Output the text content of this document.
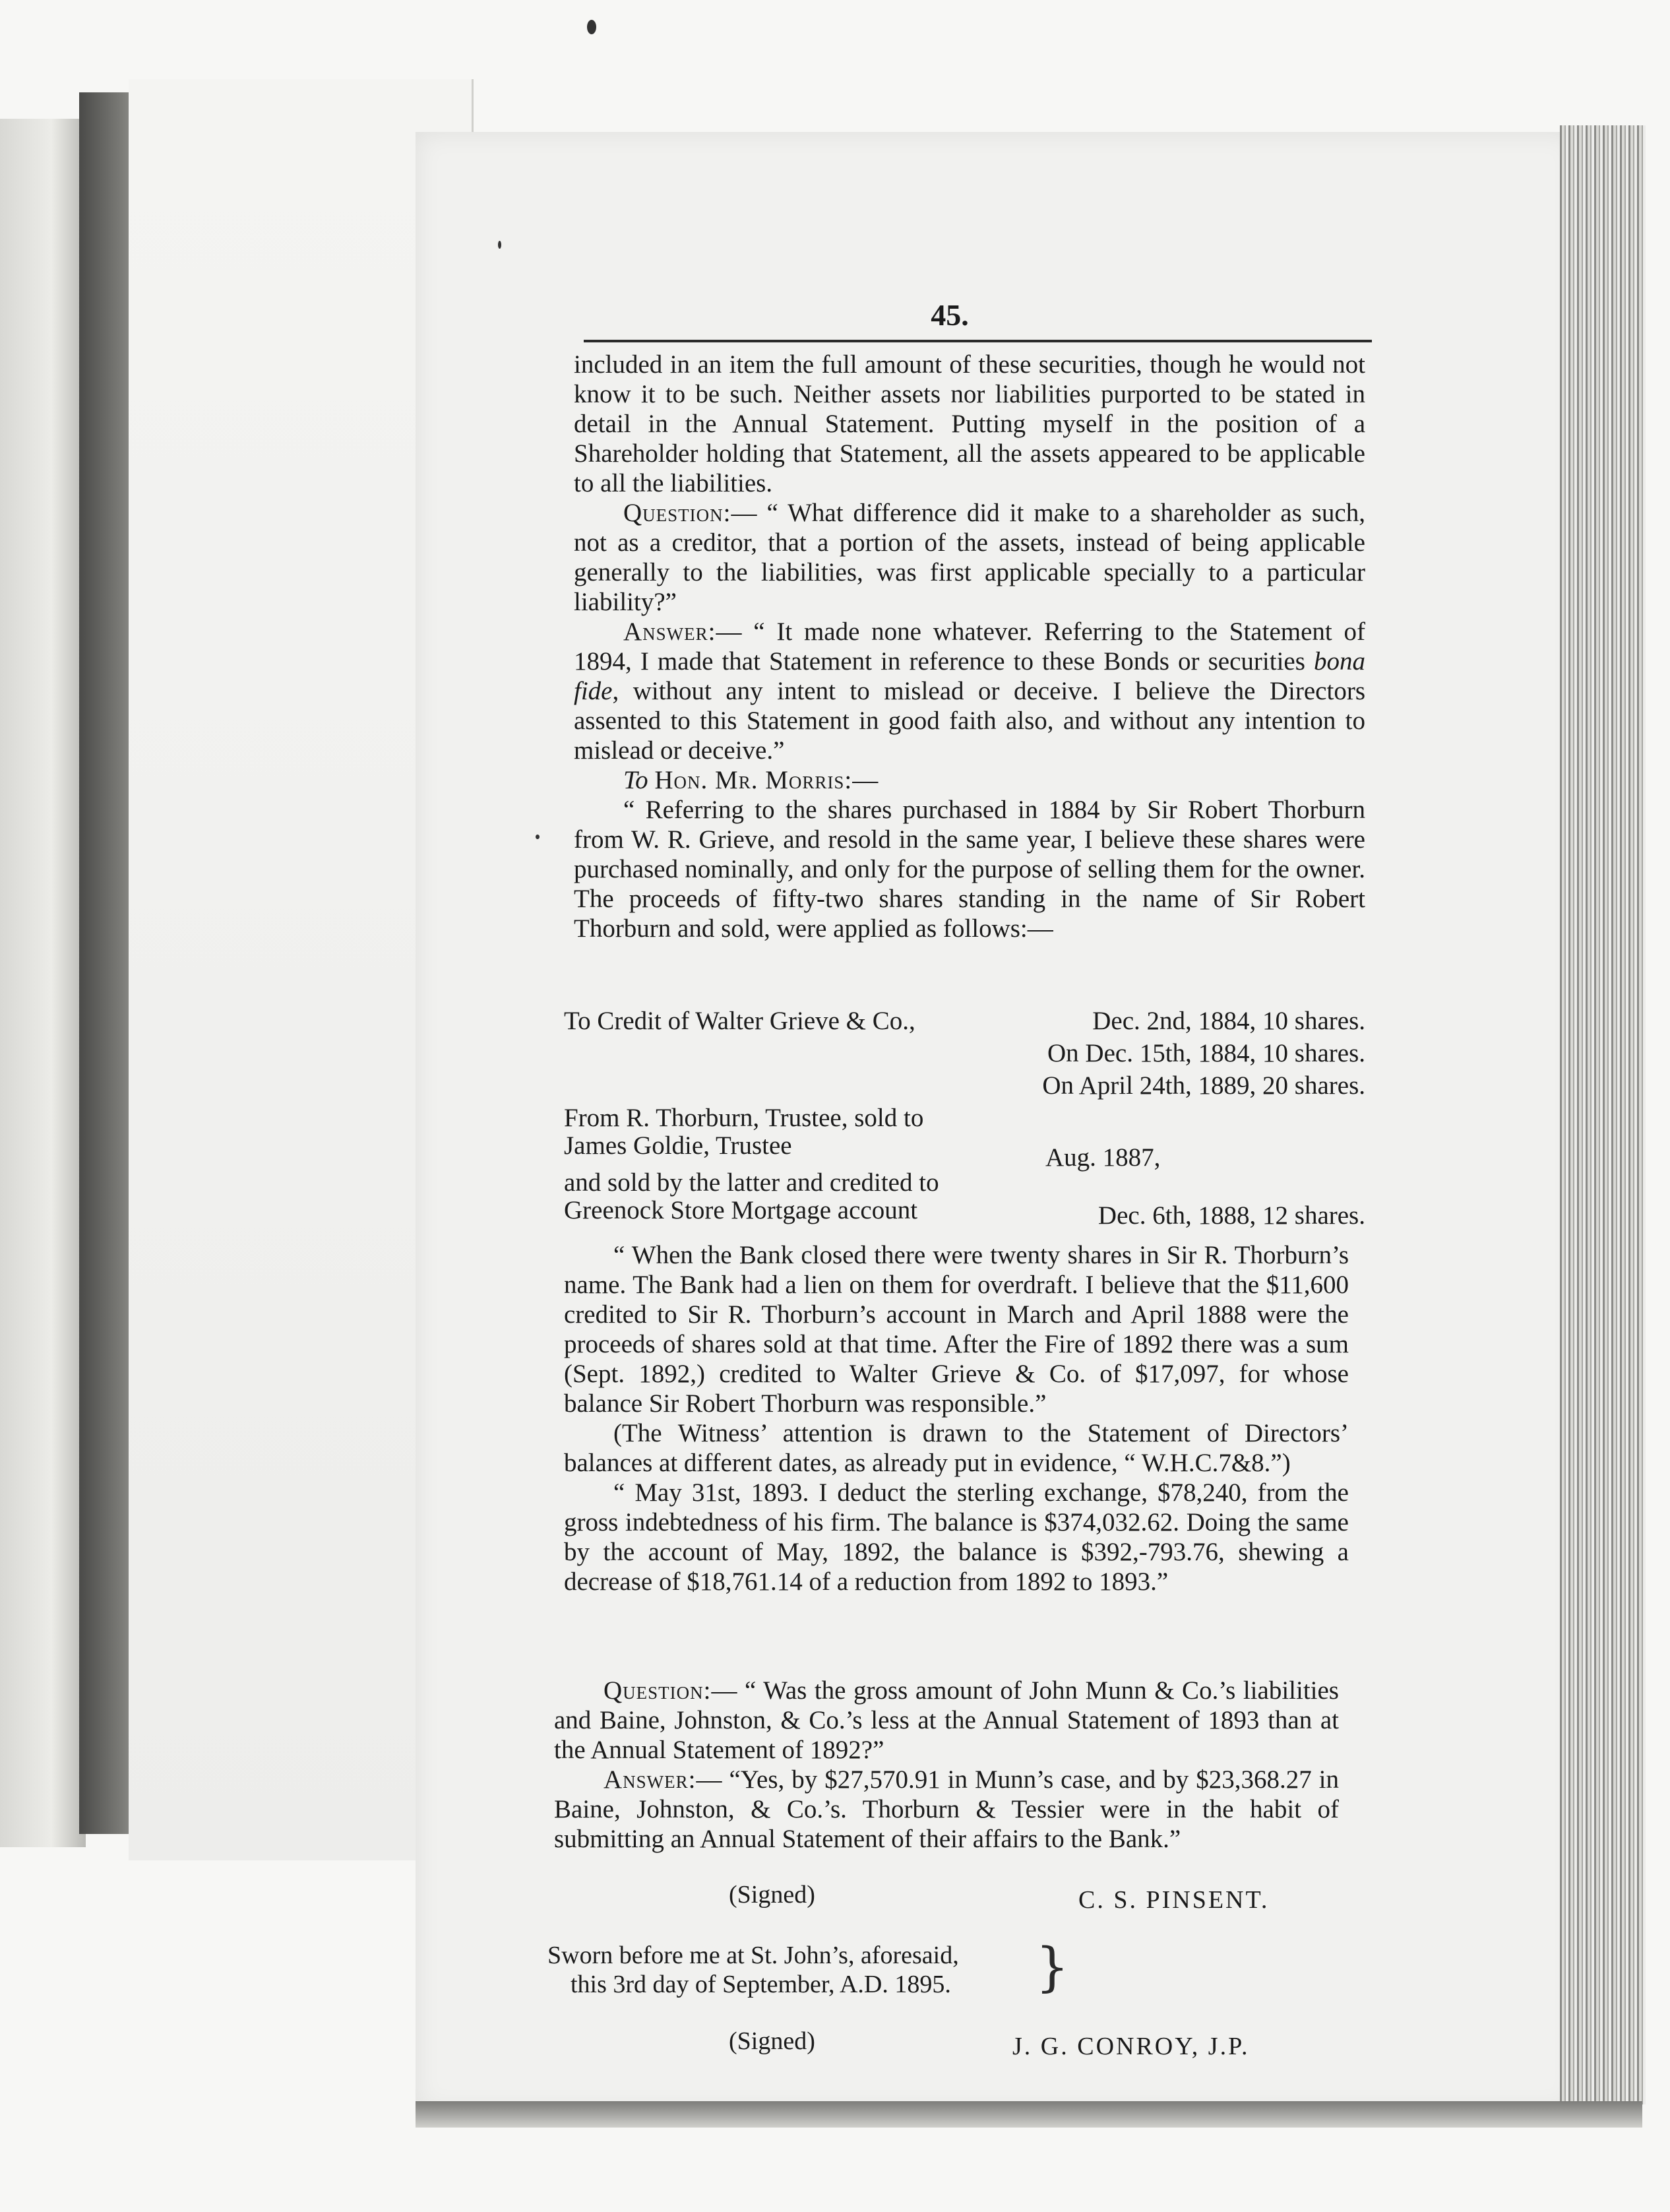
45.

included in an item the full amount of these securities, though he would not know it to be such. Neither assets nor liabilities purported to be stated in detail in the Annual Statement. Putting myself in the position of a Shareholder holding that Statement, all the assets appeared to be applicable to all the liabilities.

Question:— “ What difference did it make to a shareholder as such, not as a creditor, that a portion of the assets, instead of being applicable generally to the liabilities, was first applicable specially to a particular liability?”

Answer:— “ It made none whatever. Referring to the Statement of 1894, I made that Statement in reference to these Bonds or securities bona fide, without any intent to mislead or deceive. I believe the Directors assented to this Statement in good faith also, and without any intention to mislead or deceive.”

To Hon. Mr. Morris:—

“ Referring to the shares purchased in 1884 by Sir Robert Thorburn from W. R. Grieve, and resold in the same year, I believe these shares were purchased nominally, and only for the purpose of selling them for the owner. The proceeds of fifty-two shares standing in the name of Sir Robert Thorburn and sold, were applied as follows:—

To Credit of Walter Grieve & Co.,	Dec. 2nd, 1884, 10 shares.
On Dec. 15th, 1884, 10 shares.
On April 24th, 1889, 20 shares.
From R. Thorburn, Trustee, sold to
James Goldie, Trustee	Aug. 1887,
and sold by the latter and credited to
Greenock Store Mortgage account	Dec. 6th, 1888, 12 shares.

“ When the Bank closed there were twenty shares in Sir R. Thorburn’s name. The Bank had a lien on them for overdraft. I believe that the $11,600 credited to Sir R. Thorburn’s account in March and April 1888 were the proceeds of shares sold at that time. After the Fire of 1892 there was a sum (Sept. 1892,) credited to Walter Grieve & Co. of $17,097, for whose balance Sir Robert Thorburn was responsible.”

(The Witness’ attention is drawn to the Statement of Directors’ balances at different dates, as already put in evidence, “ W.H.C.7&8.”)

“ May 31st, 1893. I deduct the sterling exchange, $78,240, from the gross indebtedness of his firm. The balance is $374,032.62. Doing the same by the account of May, 1892, the balance is $392,-793.76, shewing a decrease of $18,761.14 of a reduction from 1892 to 1893.”

Question:— “ Was the gross amount of John Munn & Co.’s liabilities and Baine, Johnston, & Co.’s less at the Annual Statement of 1893 than at the Annual Statement of 1892?”

Answer:— “Yes, by $27,570.91 in Munn’s case, and by $23,368.27 in Baine, Johnston, & Co.’s. Thorburn & Tessier were in the habit of submitting an Annual Statement of their affairs to the Bank.”

(Signed)	C. S. PINSENT.
Sworn before me at St. John’s, aforesaid,
this 3rd day of September, A.D. 1895. }
(Signed)	J. G. CONROY, J.P.
